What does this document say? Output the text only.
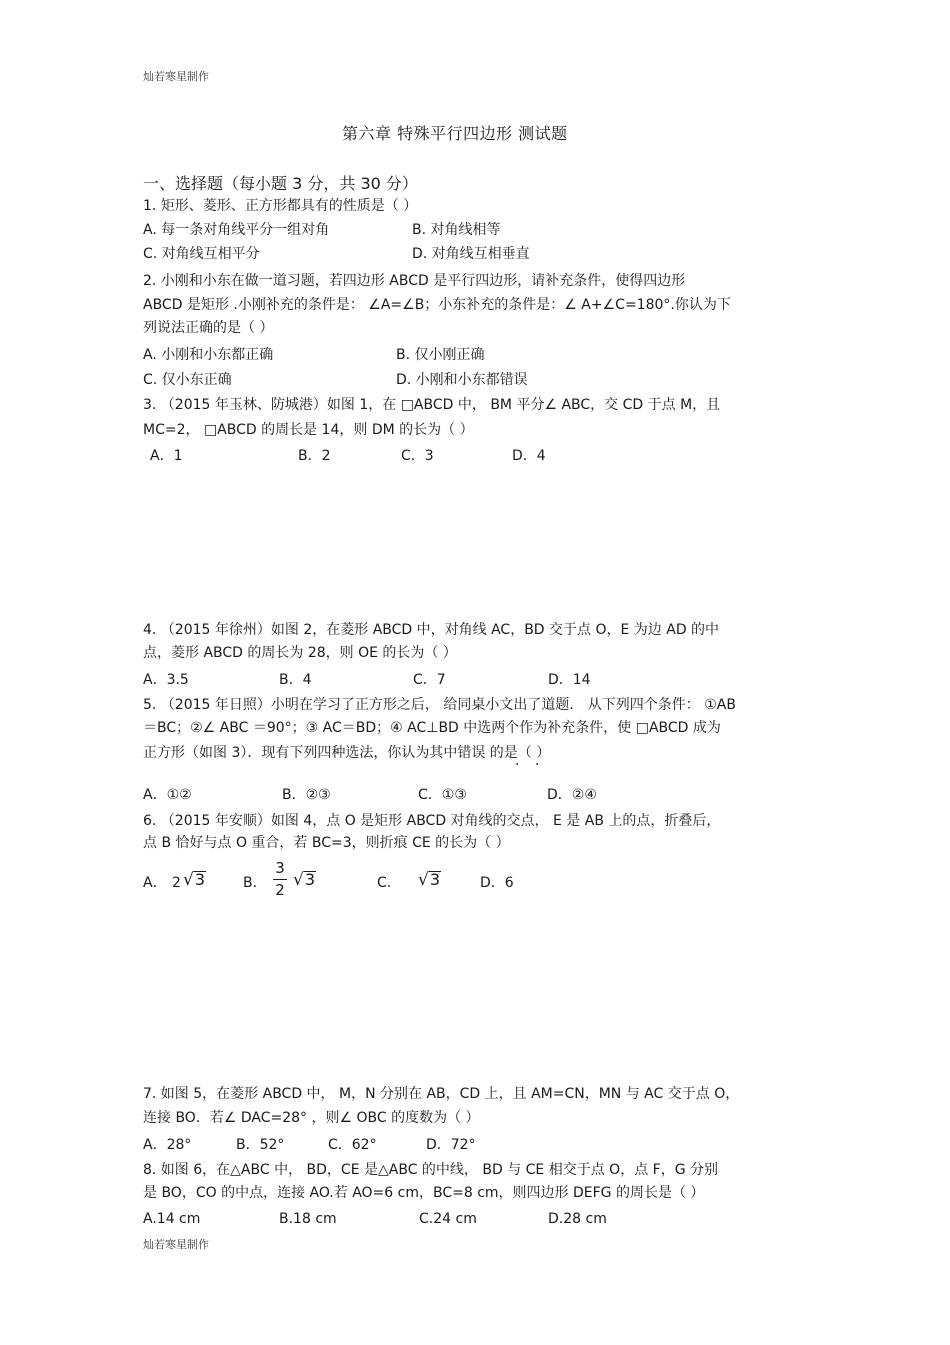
灿若寒星制作
灿若寒星制作
第六章 特殊平行四边形 测试题
一、选择题（每小题 3 分，共 30 分）
1. 矩形、菱形、正方形都具有的性质是（ ）
A. 每一条对角线平分一组对角	B. 对角线相等
C. 对角线互相平分	D. 对角线互相垂直
2. 小刚和小东在做一道习题，若四边形 ABCD 是平行四边形，请补充条件，使得四边形
ABCD 是矩形 .小刚补充的条件是： ∠A=∠B；小东补充的条件是：∠ A+∠C=180°.你认为下
列说法正确的是（ ）
A. 小刚和小东都正确	B. 仅小刚正确
C. 仅小东正确	D. 小刚和小东都错误
3. （2015 年玉林、防城港）如图 1，在 □ABCD 中， BM 平分∠ ABC，交 CD 于点 M，且
MC=2， □ABCD 的周长是 14，则 DM 的长为（ ）
A．1	B．2	C．3	D．4
4. （2015 年徐州）如图 2，在菱形 ABCD 中，对角线 AC，BD 交于点 O，E 为边 AD 的中
点，菱形 ABCD 的周长为 28，则 OE 的长为（ ）
A．3.5	B．4	C．7	D．14
5. （2015 年日照）小明在学习了正方形之后， 给同桌小文出了道题． 从下列四个条件： ①AB
＝BC；②∠ ABC ＝90°；③ AC＝BD；④ AC⊥BD 中选两个作为补充条件，使 □ABCD 成为
正方形（如图 3）．现有下列四种选法，你认为其中错误 的是（ ）
· ·
A．①②	B．②③	C．①③	D．②④
6. （2015 年安顺）如图 4，点 O 是矩形 ABCD 对角线的交点， E 是 AB 上的点，折叠后，
点 B 恰好与点 O 重合，若 BC=3，则折痕 CE 的长为（ ）
A． 2 √3	B．
3
2 √3	C． √3	D．6
7. 如图 5，在菱形 ABCD 中， M，N 分别在 AB，CD 上，且 AM=CN，MN 与 AC 交于点 O，
连接 BO．若∠ DAC=28° ，则∠ OBC 的度数为（ ）
A．28°	B．52°	C．62°	D．72°
8. 如图 6，在△ABC 中， BD，CE 是△ABC 的中线， BD 与 CE 相交于点 O，点 F，G 分别
是 BO，CO 的中点，连接 AO.若 AO=6 cm，BC=8 cm，则四边形 DEFG 的周长是（ ）
A.14 cm	B.18 cm	C.24 cm	D.28 cm
